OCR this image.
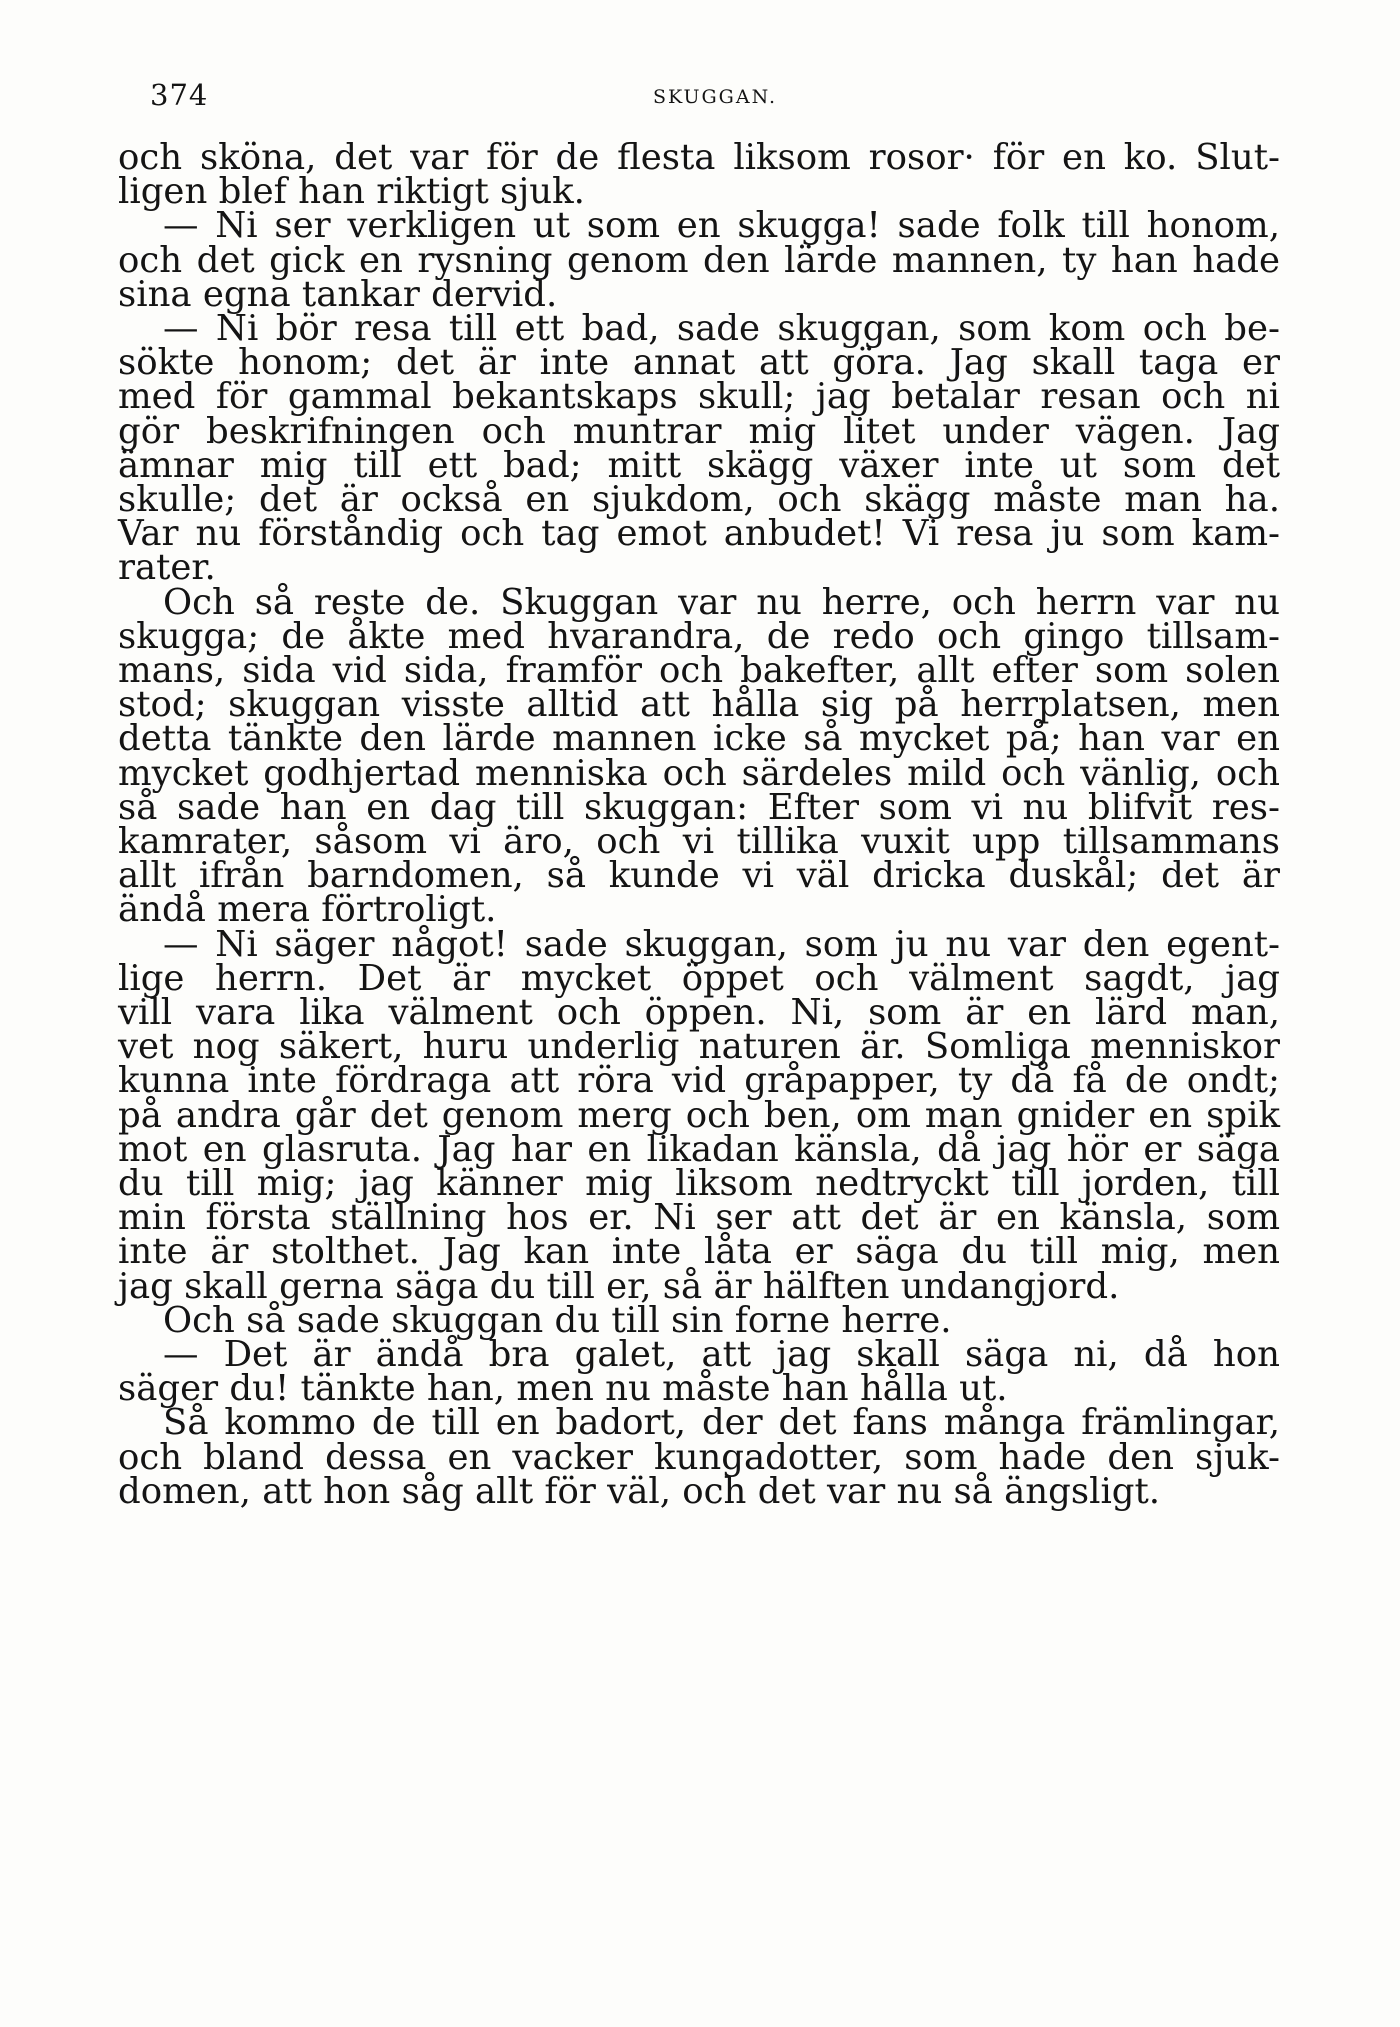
374	SKUGGAN.
och sköna, det var för de flesta liksom rosor· för en ko. Slut-
ligen blef han riktigt sjuk.
— Ni ser verkligen ut som en skugga! sade folk till honom,
och det gick en rysning genom den lärde mannen, ty han hade
sina egna tankar dervid.
— Ni bör resa till ett bad, sade skuggan, som kom och be-
sökte honom; det är inte annat att göra. Jag skall taga er
med för gammal bekantskaps skull; jag betalar resan och ni
gör beskrifningen och muntrar mig litet under vägen. Jag
ämnar mig till ett bad; mitt skägg växer inte ut som det
skulle; det är också en sjukdom, och skägg måste man ha.
Var nu förståndig och tag emot anbudet! Vi resa ju som kam-
rater.
Och så reste de. Skuggan var nu herre, och herrn var nu
skugga; de åkte med hvarandra, de redo och gingo tillsam-
mans, sida vid sida, framför och bakefter, allt efter som solen
stod; skuggan visste alltid att hålla sig på herrplatsen, men
detta tänkte den lärde mannen icke så mycket på; han var en
mycket godhjertad menniska och särdeles mild och vänlig, och
så sade han en dag till skuggan: Efter som vi nu blifvit res-
kamrater, såsom vi äro, och vi tillika vuxit upp tillsammans
allt ifrån barndomen, så kunde vi väl dricka duskål; det är
ändå mera förtroligt.
— Ni säger något! sade skuggan, som ju nu var den egent-
lige herrn. Det är mycket öppet och välment sagdt, jag
vill vara lika välment och öppen. Ni, som är en lärd man,
vet nog säkert, huru underlig naturen är. Somliga menniskor
kunna inte fördraga att röra vid gråpapper, ty då få de ondt;
på andra går det genom merg och ben, om man gnider en spik
mot en glasruta. Jag har en likadan känsla, då jag hör er säga
du till mig; jag känner mig liksom nedtryckt till jorden, till
min första ställning hos er. Ni ser att det är en känsla, som
inte är stolthet. Jag kan inte låta er säga du till mig, men
jag skall gerna säga du till er, så är hälften undangjord.
Och så sade skuggan du till sin forne herre.
— Det är ändå bra galet, att jag skall säga ni, då hon
säger du! tänkte han, men nu måste han hålla ut.
Så kommo de till en badort, der det fans många främlingar,
och bland dessa en vacker kungadotter, som hade den sjuk-
domen, att hon såg allt för väl, och det var nu så ängsligt.
